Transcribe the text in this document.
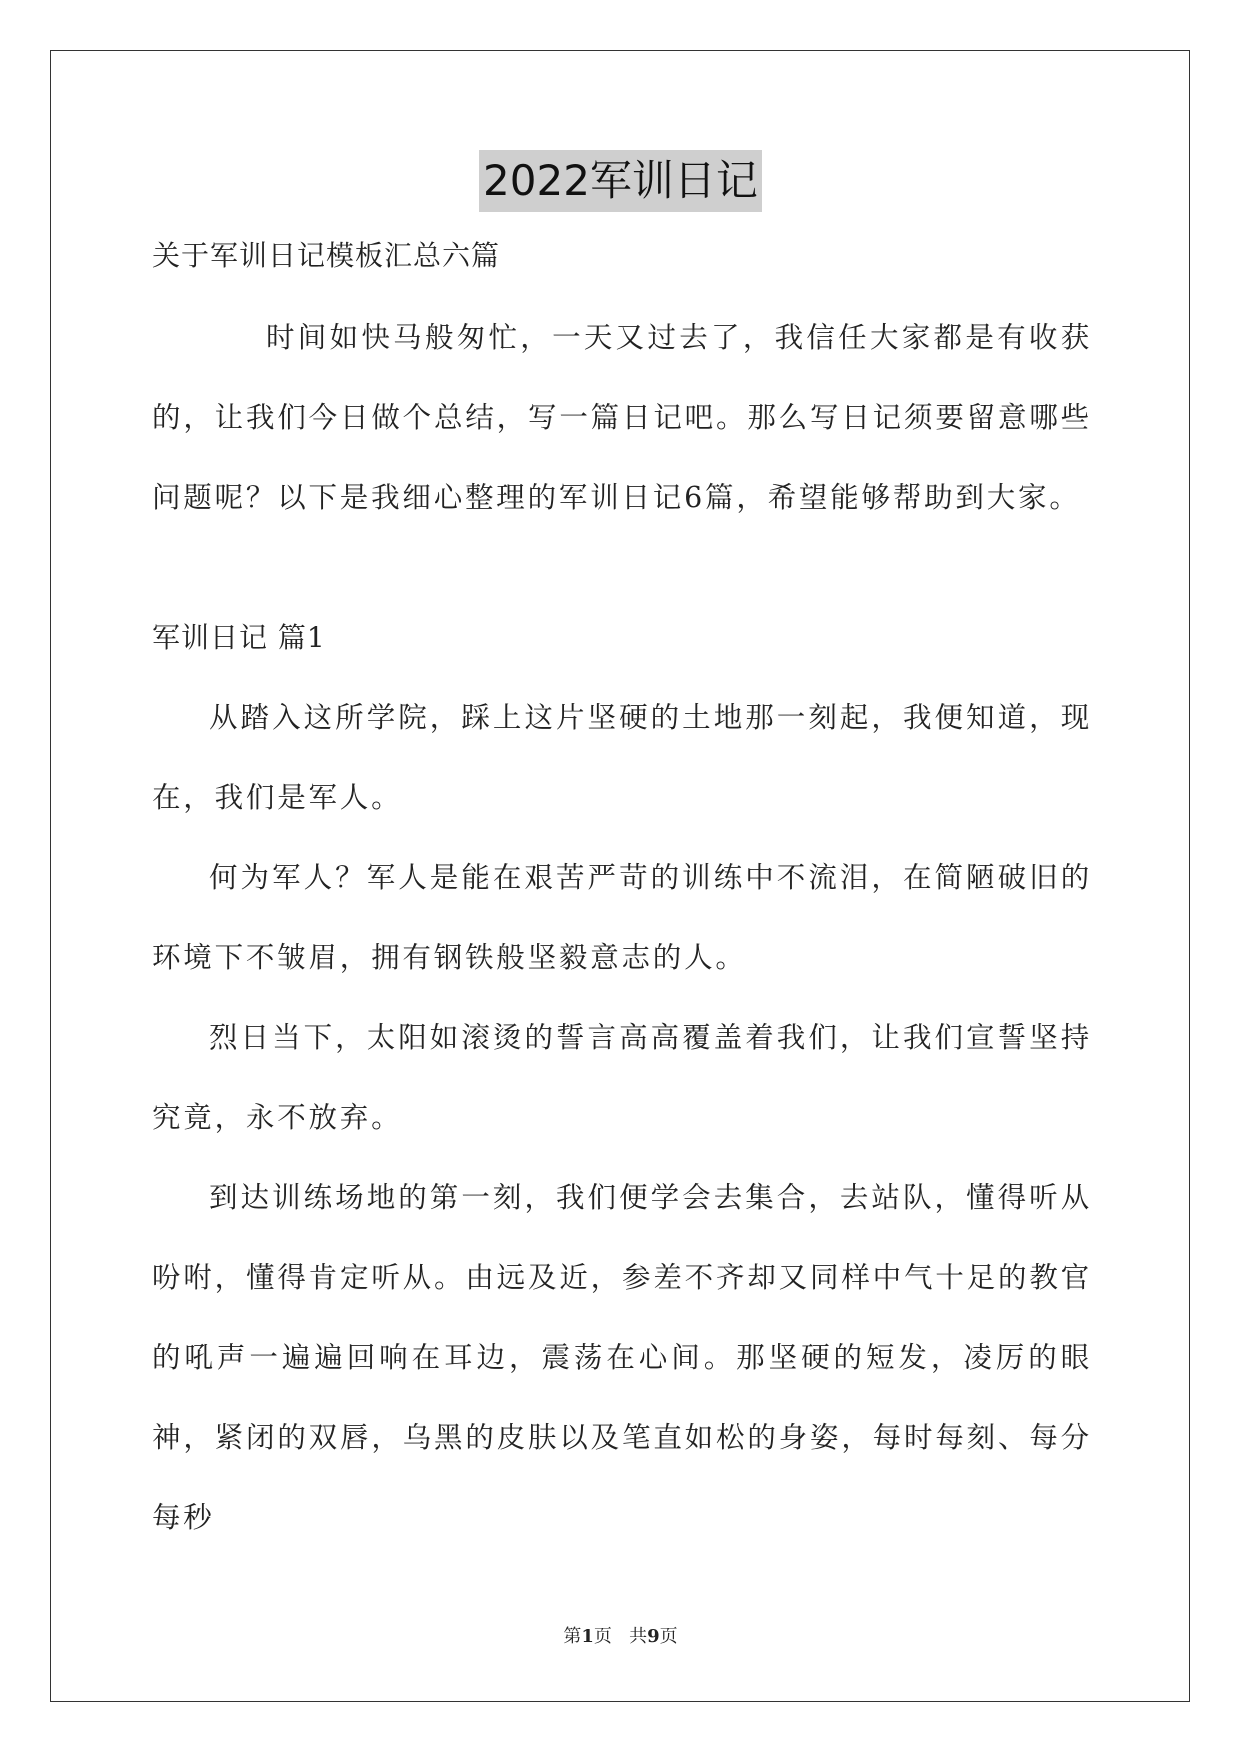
2022军训日记
关于军训日记模板汇总六篇

时间如快马般匆忙，一天又过去了，我信任大家都是有收获的，让我们今日做个总结，写一篇日记吧。那么写日记须要留意哪些问题呢？以下是我细心整理的军训日记6篇，希望能够帮助到大家。

军训日记 篇1

从踏入这所学院，踩上这片坚硬的土地那一刻起，我便知道，现在，我们是军人。

何为军人？军人是能在艰苦严苛的训练中不流泪，在简陋破旧的环境下不皱眉，拥有钢铁般坚毅意志的人。

烈日当下，太阳如滚烫的誓言高高覆盖着我们，让我们宣誓坚持究竟，永不放弃。

到达训练场地的第一刻，我们便学会去集合，去站队，懂得听从吩咐，懂得肯定听从。由远及近，参差不齐却又同样中气十足的教官的吼声一遍遍回响在耳边，震荡在心间。那坚硬的短发，凌厉的眼神，紧闭的双唇，乌黑的皮肤以及笔直如松的身姿，每时每刻、每分每秒

第1页 共9页
